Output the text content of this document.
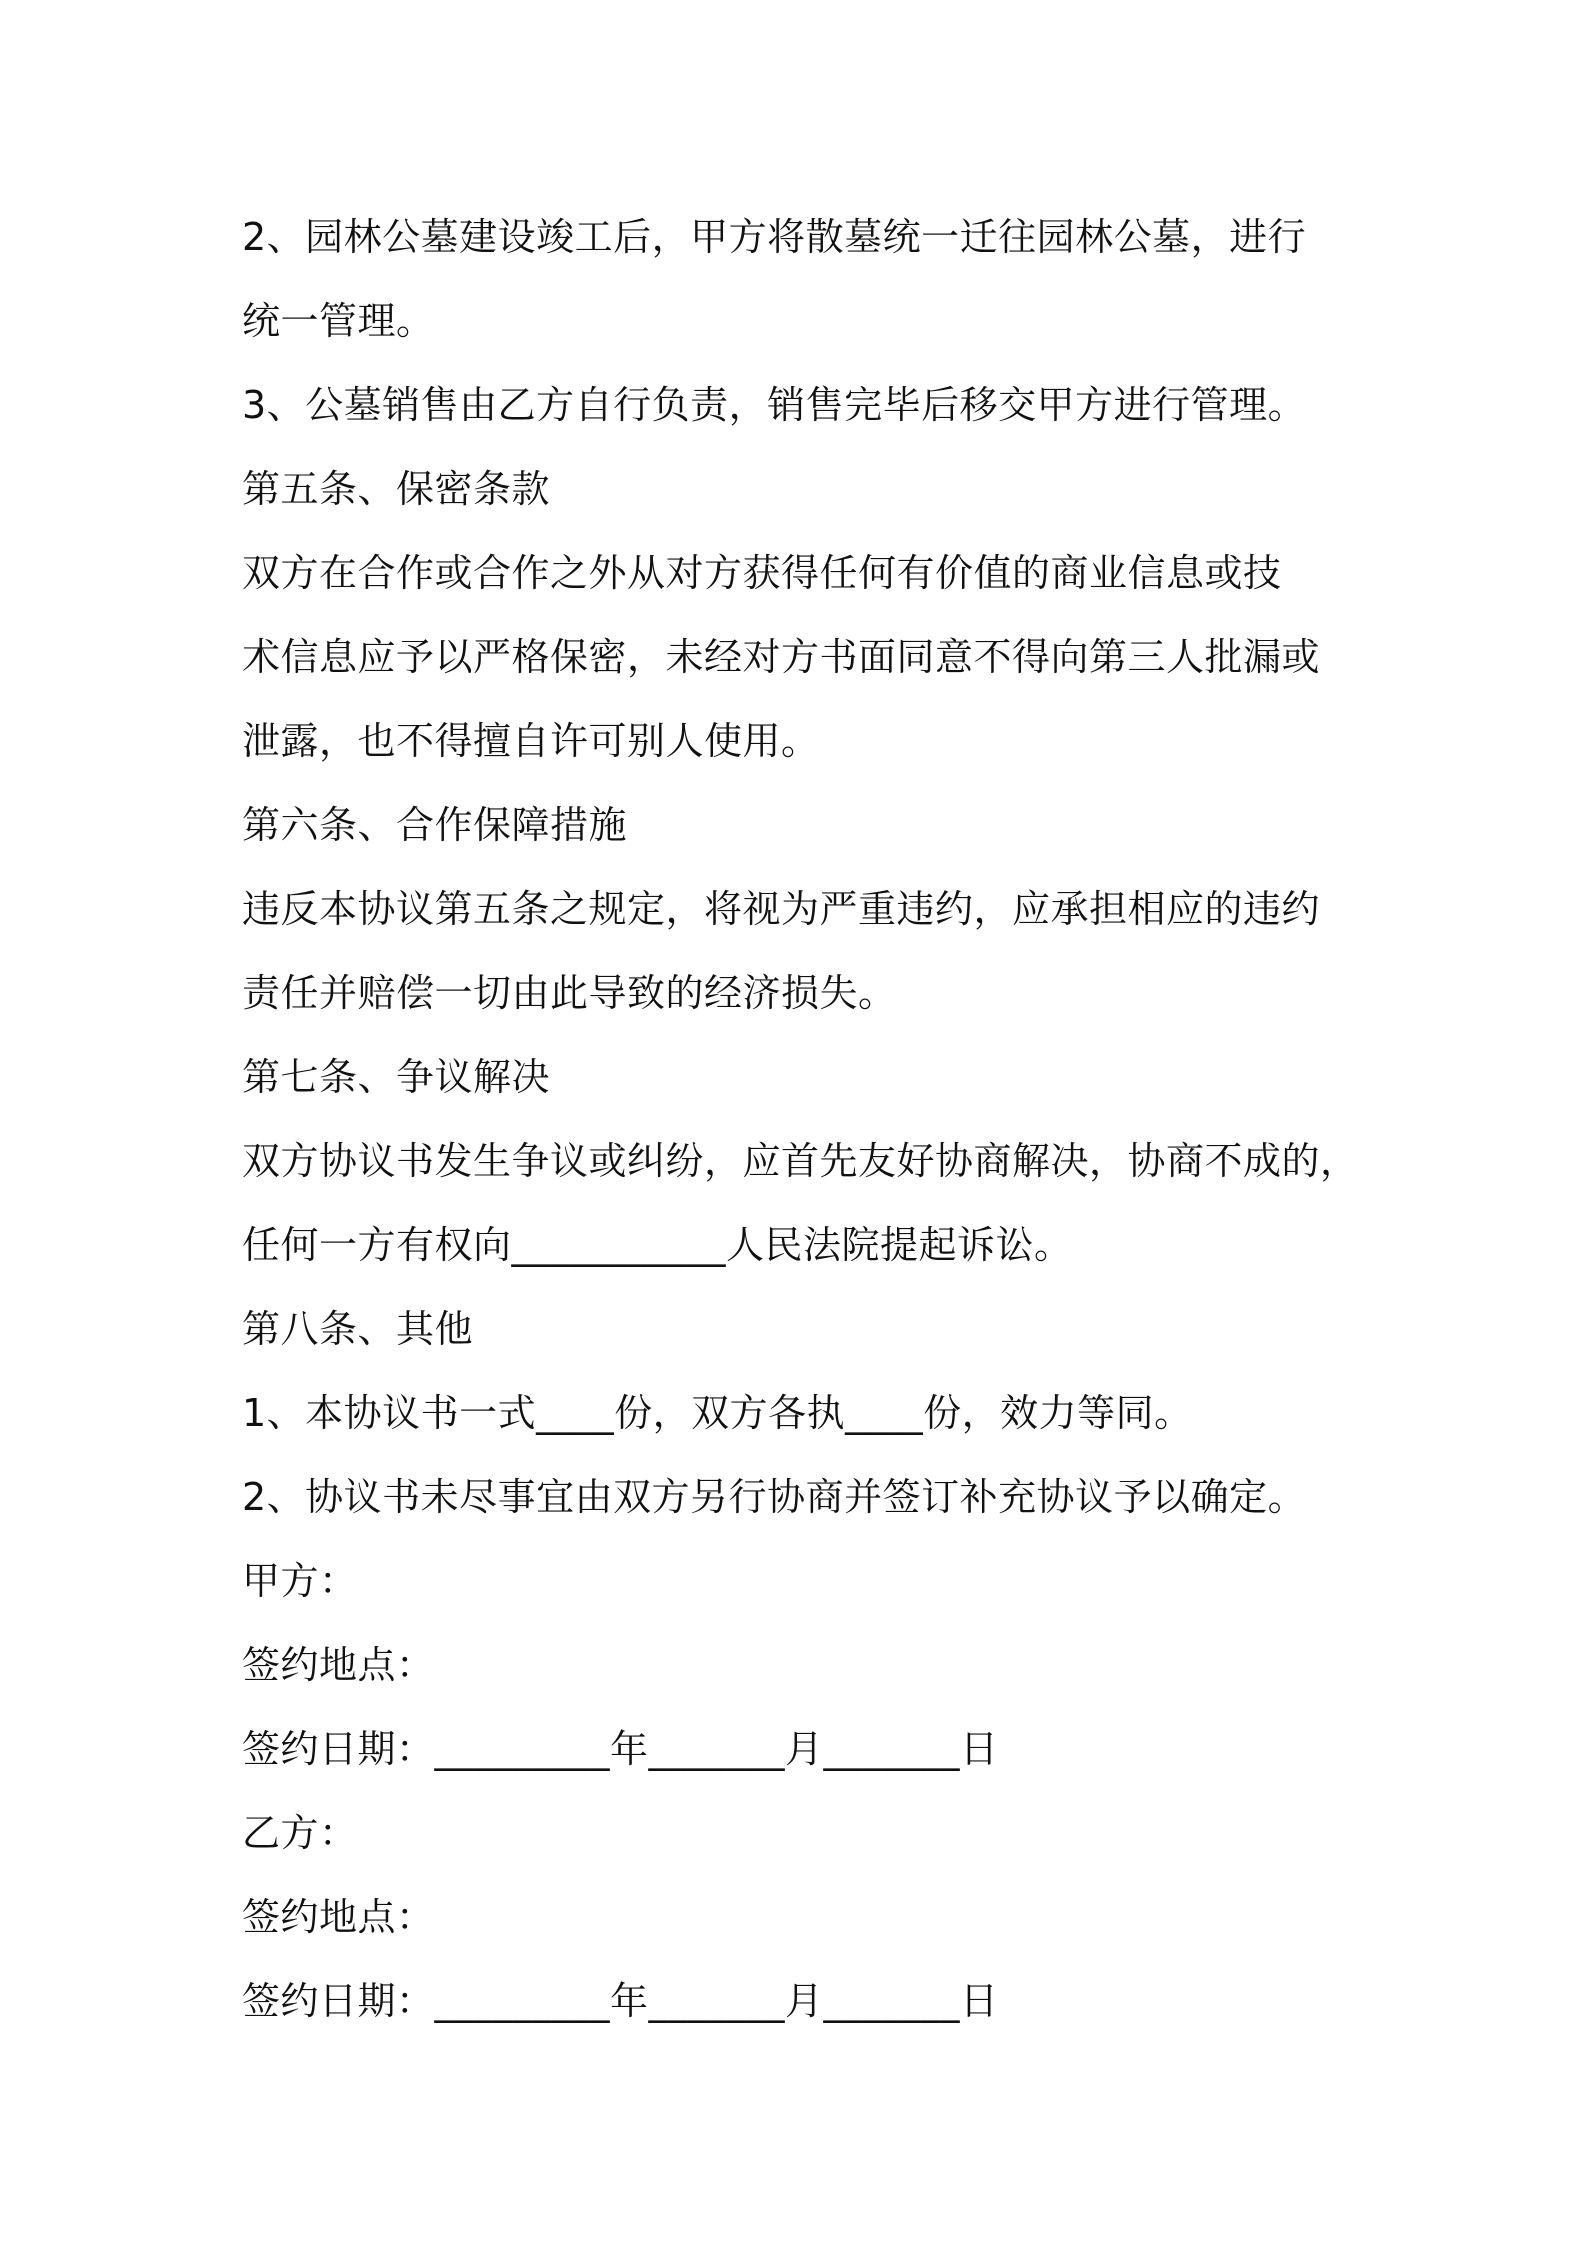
2、园林公墓建设竣工后，甲方将散墓统一迁往园林公墓，进行
统一管理。
3、公墓销售由乙方自行负责，销售完毕后移交甲方进行管理。
第五条、保密条款
双方在合作或合作之外从对方获得任何有价值的商业信息或技
术信息应予以严格保密，未经对方书面同意不得向第三人批漏或
泄露，也不得擅自许可别人使用。
第六条、合作保障措施
违反本协议第五条之规定，将视为严重违约，应承担相应的违约
责任并赔偿一切由此导致的经济损失。
第七条、争议解决
双方协议书发生争议或纠纷，应首先友好协商解决，协商不成的，
任何一方有权向___________人民法院提起诉讼。
第八条、其他
1、本协议书一式____份，双方各执____份，效力等同。
2、协议书未尽事宜由双方另行协商并签订补充协议予以确定。
甲方：
签约地点：
签约日期：_________年_______月_______日
乙方：
签约地点：
签约日期：_________年_______月_______日
